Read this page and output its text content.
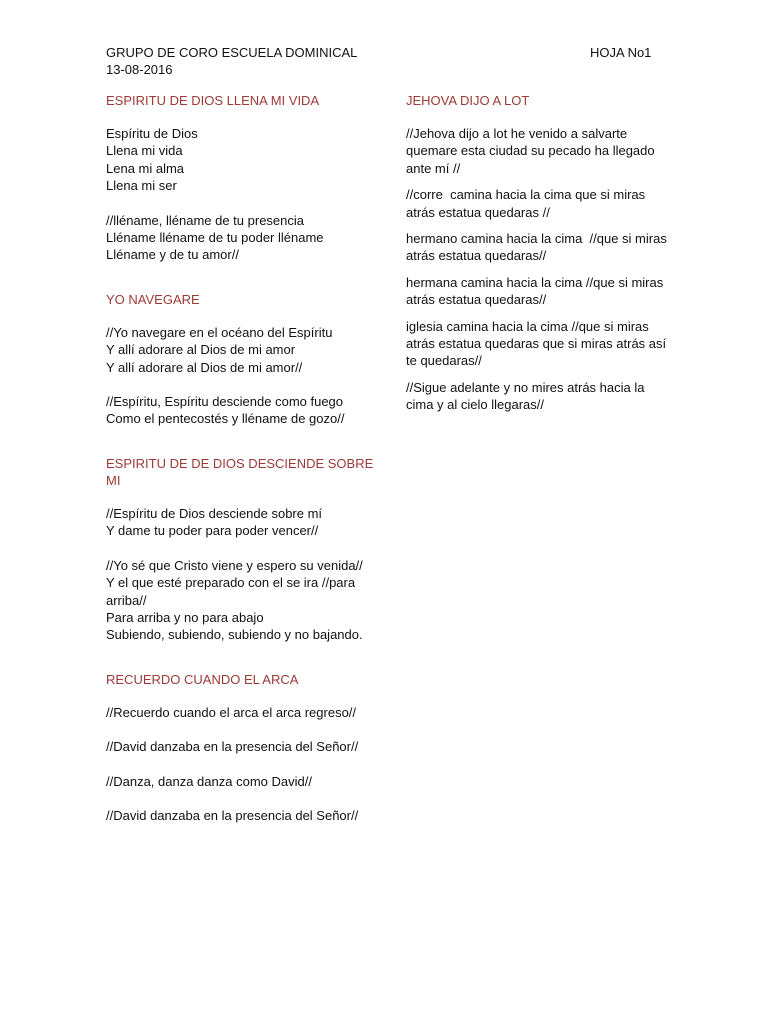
GRUPO DE CORO ESCUELA DOMINICAL
13-08-2016
HOJA No1
ESPIRITU DE DIOS LLENA MI VIDA

Espíritu de Dios
Llena mi vida
Lena mi alma
Llena mi ser

//lléname, lléname de tu presencia
Lléname lléname de tu poder lléname
Lléname y de tu amor//

YO NAVEGARE

//Yo navegare en el océano del Espíritu
Y allí adorare al Dios de mi amor
Y allí adorare al Dios de mi amor//

//Espíritu, Espíritu desciende como fuego
Como el pentecostés y lléname de gozo//

ESPIRITU DE DE DIOS DESCIENDE SOBRE MI

//Espíritu de Dios desciende sobre mí
Y dame tu poder para poder vencer//

//Yo sé que Cristo viene y espero su venida//
Y el que esté preparado con el se ira //para
arriba//
Para arriba y no para abajo
Subiendo, subiendo, subiendo y no bajando.

RECUERDO CUANDO EL ARCA

//Recuerdo cuando el arca el arca regreso//

//David danzaba en la presencia del Señor//

//Danza, danza danza como David//

//David danzaba en la presencia del Señor//

JEHOVA DIJO A LOT

//Jehova dijo a lot he venido a salvarte
quemare esta ciudad su pecado ha llegado
ante mí //

//corre  camina hacia la cima que si miras
atrás estatua quedaras //

hermano camina hacia la cima  //que si miras
atrás estatua quedaras//

hermana camina hacia la cima //que si miras
atrás estatua quedaras//

iglesia camina hacia la cima //que si miras
atrás estatua quedaras que si miras atrás así
te quedaras//

//Sigue adelante y no mires atrás hacia la
cima y al cielo llegaras//
